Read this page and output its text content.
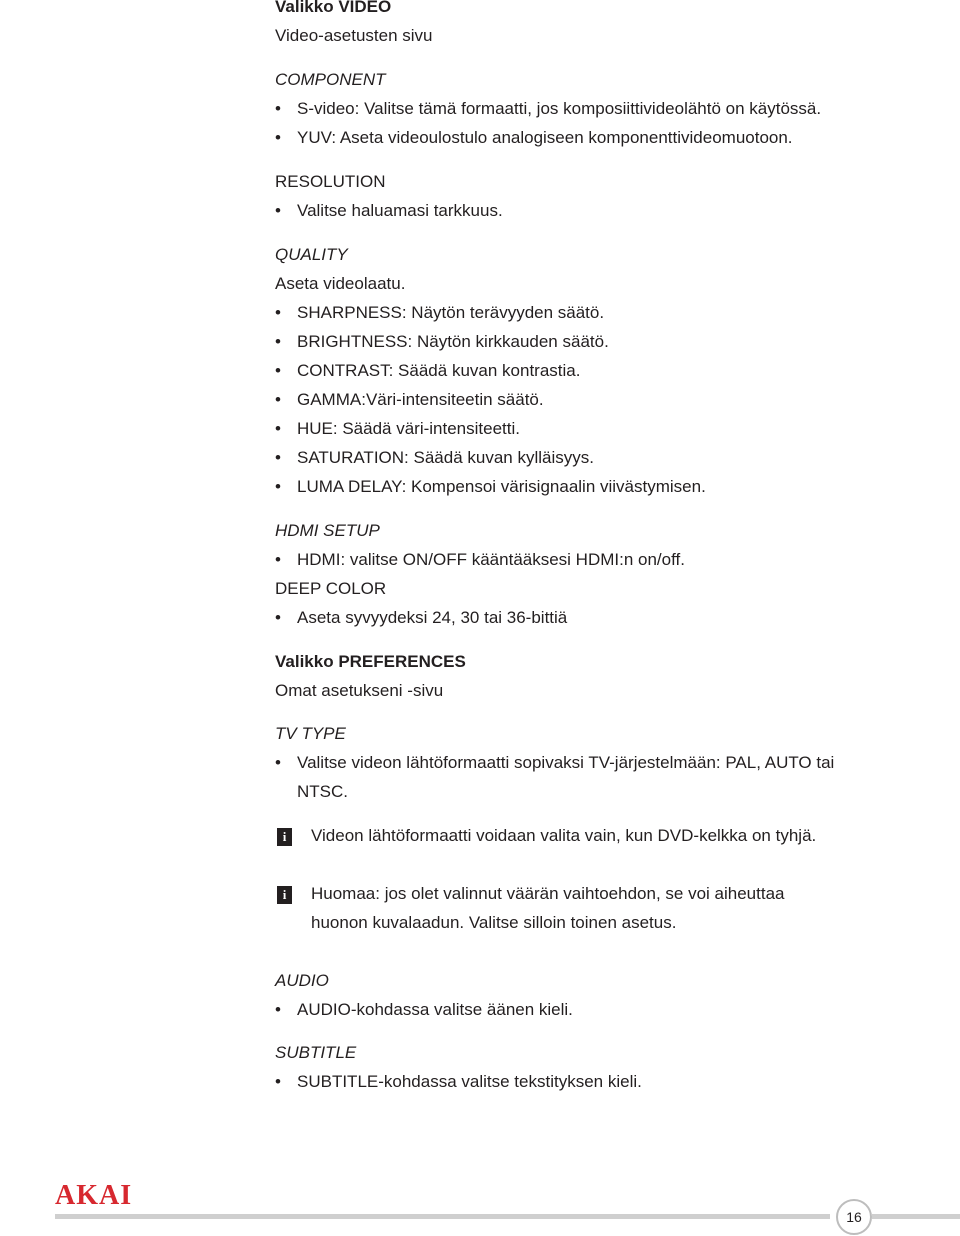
Valikko VIDEO
Video-asetusten sivu
COMPONENT
• S-video: Valitse tämä formaatti, jos komposiittivideolähtö on käytössä.
• YUV: Aseta videoulostulo analogiseen komponenttivideomuotoon.
RESOLUTION
• Valitse haluamasi tarkkuus.
QUALITY
Aseta videolaatu.
• SHARPNESS: Näytön terävyyden säätö.
• BRIGHTNESS: Näytön kirkkauden säätö.
• CONTRAST: Säädä kuvan kontrastia.
• GAMMA:Väri-intensiteetin säätö.
• HUE: Säädä väri-intensiteetti.
• SATURATION: Säädä kuvan kylläisyys.
• LUMA DELAY: Kompensoi värisignaalin viivästymisen.
HDMI SETUP
• HDMI: valitse ON/OFF kääntääksesi HDMI:n on/off.
DEEP COLOR
• Aseta syvyydeksi 24, 30 tai 36-bittiä
Valikko PREFERENCES
Omat asetukseni -sivu
TV TYPE
• Valitse videon lähtöformaatti sopivaksi TV-järjestelmään: PAL, AUTO tai
NTSC.
i	Videon lähtöformaatti voidaan valita vain, kun DVD-kelkka on tyhjä.
i	Huomaa: jos olet valinnut väärän vaihtoehdon, se voi aiheuttaa
huonon kuvalaadun. Valitse silloin toinen asetus.
AUDIO
• AUDIO-kohdassa valitse äänen kieli.
SUBTITLE
• SUBTITLE-kohdassa valitse tekstityksen kieli.
AKAI
16
